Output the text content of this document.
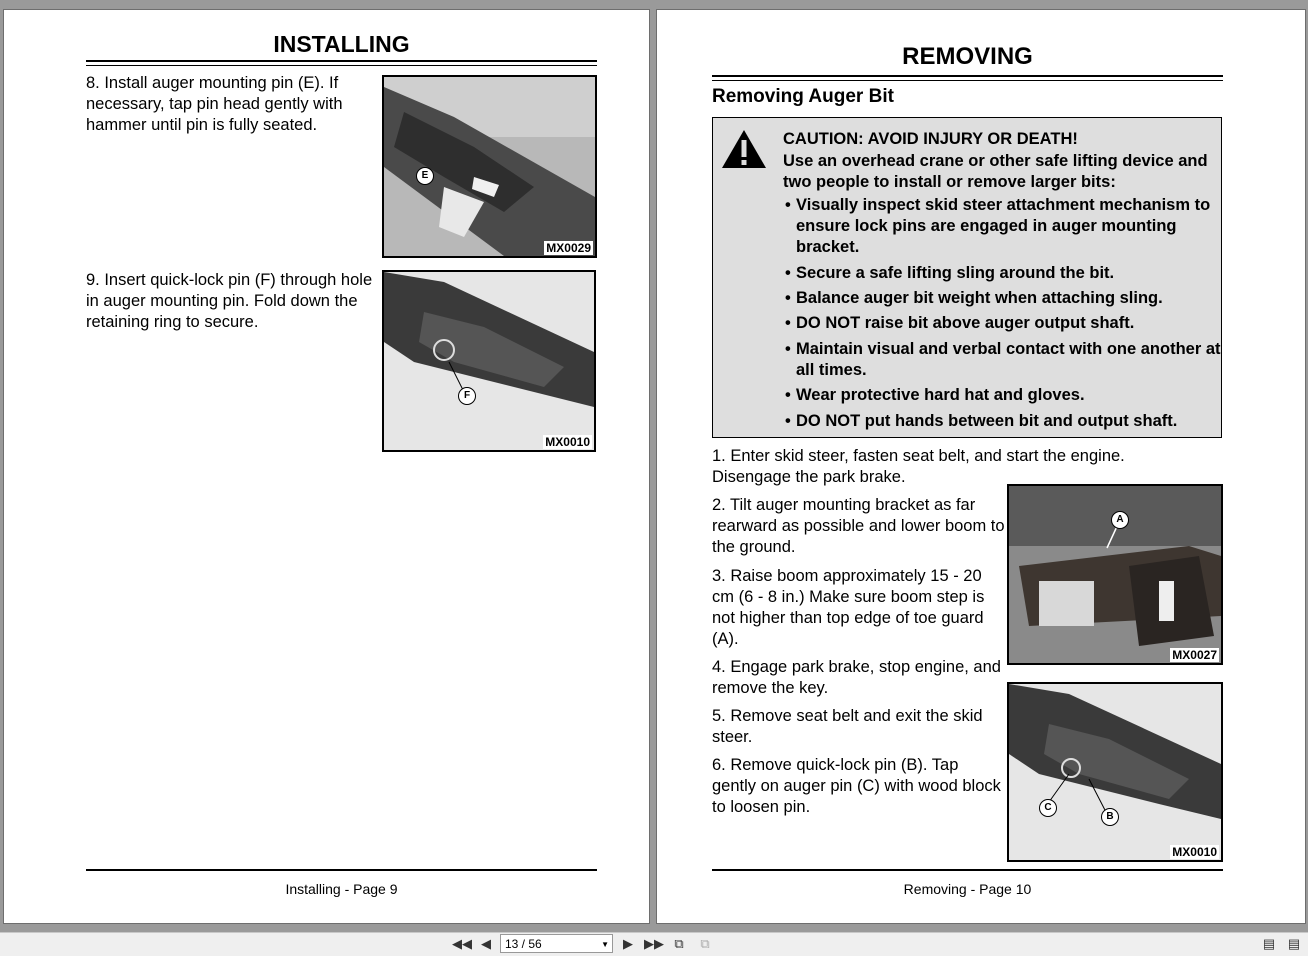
INSTALLING
8. Install auger mounting pin (E). If necessary, tap pin head gently with hammer until pin is fully seated.
E
MX0029
9. Insert quick-lock pin (F) through hole in auger mounting pin. Fold down the retaining ring to secure.
F
MX0010
Installing - Page 9
REMOVING
Removing Auger Bit
CAUTION: AVOID INJURY OR DEATH!
Use an overhead crane or other safe lifting device and two people to install or remove larger bits:
• Visually inspect skid steer attachment mechanism to ensure lock pins are engaged in auger mounting bracket.
• Secure a safe lifting sling around the bit.
• Balance auger bit weight when attaching sling.
• DO NOT raise bit above auger output shaft.
• Maintain visual and verbal contact with one another at all times.
• Wear protective hard hat and gloves.
• DO NOT put hands between bit and output shaft.
1. Enter skid steer, fasten seat belt, and start the engine. Disengage the park brake.
2. Tilt auger mounting bracket as far rearward as possible and lower boom to the ground.
3. Raise boom approximately 15 - 20 cm (6 - 8 in.) Make sure boom step is not higher than top edge of toe guard (A).
4. Engage park brake, stop engine, and remove the key.
5. Remove seat belt and exit the skid steer.
6. Remove quick-lock pin (B). Tap gently on auger pin (C) with wood block to loosen pin.
A
MX0027
C
B
MX0010
Removing - Page 10
◀◀ ◀	13 / 56	▼	▶ ▶▶ ⧉	⧉	▤ ▤
